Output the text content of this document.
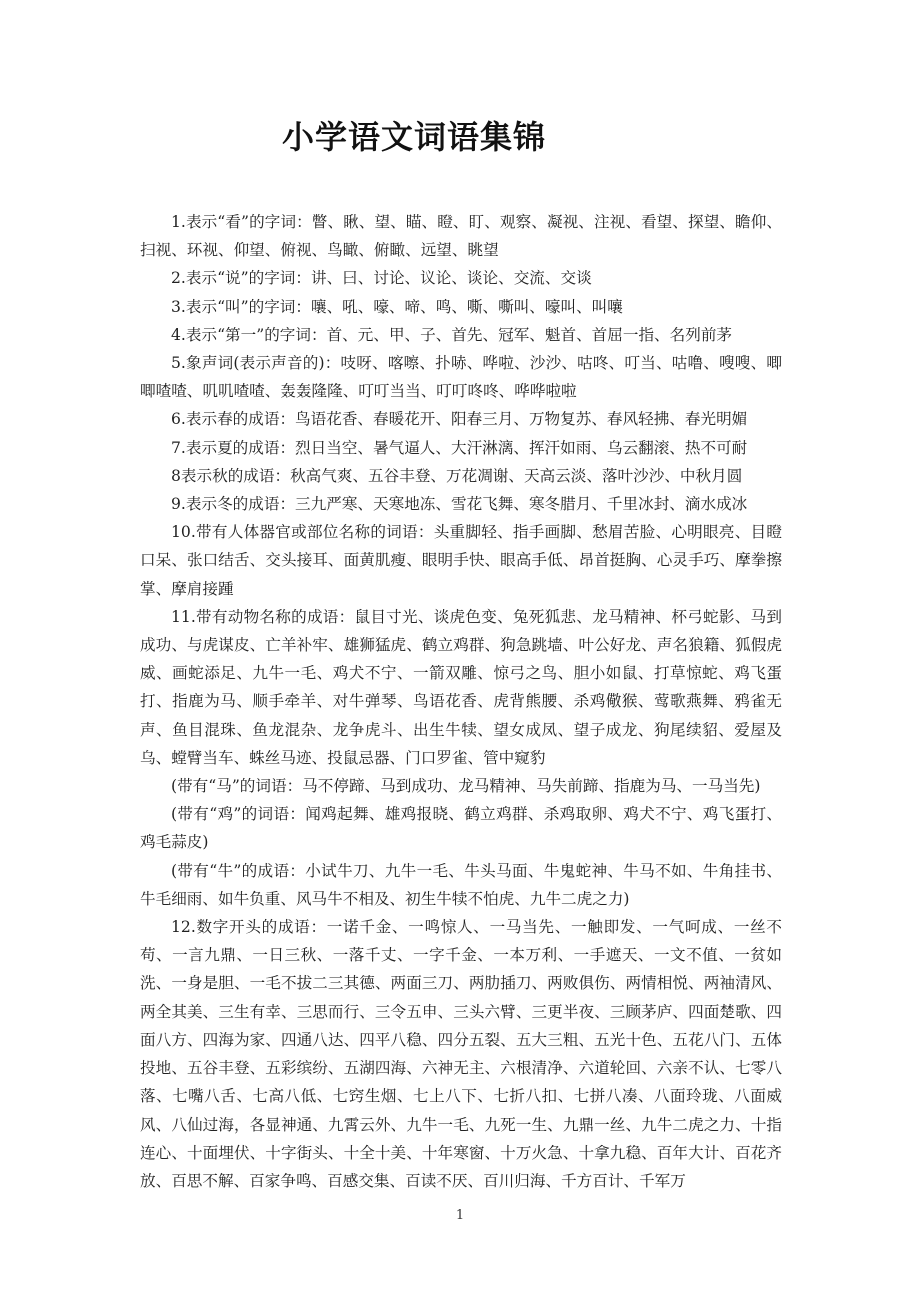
小学语文词语集锦

1.表示“看”的字词：瞥、瞅、望、瞄、瞪、盯、观察、凝视、注视、看望、探望、瞻仰、扫视、环视、仰望、俯视、鸟瞰、俯瞰、远望、眺望

2.表示“说”的字词：讲、曰、讨论、议论、谈论、交流、交谈

3.表示“叫”的字词：嚷、吼、嚎、啼、鸣、嘶、嘶叫、嚎叫、叫嚷

4.表示“第一”的字词：首、元、甲、子、首先、冠军、魁首、首屈一指、名列前茅

5.象声词(表示声音的)：吱呀、喀嚓、扑哧、哗啦、沙沙、咕咚、叮当、咕噜、嗖嗖、唧唧喳喳、叽叽喳喳、轰轰隆隆、叮叮当当、叮叮咚咚、哗哗啦啦

6.表示春的成语：鸟语花香、春暖花开、阳春三月、万物复苏、春风轻拂、春光明媚

7.表示夏的成语：烈日当空、暑气逼人、大汗淋漓、挥汗如雨、乌云翻滚、热不可耐

8表示秋的成语：秋高气爽、五谷丰登、万花凋谢、天高云淡、落叶沙沙、中秋月圆

9.表示冬的成语：三九严寒、天寒地冻、雪花飞舞、寒冬腊月、千里冰封、滴水成冰

10.带有人体器官或部位名称的词语：头重脚轻、指手画脚、愁眉苦脸、心明眼亮、目瞪口呆、张口结舌、交头接耳、面黄肌瘦、眼明手快、眼高手低、昂首挺胸、心灵手巧、摩拳擦掌、摩肩接踵

11.带有动物名称的成语：鼠目寸光、谈虎色变、兔死狐悲、龙马精神、杯弓蛇影、马到成功、与虎谋皮、亡羊补牢、雄狮猛虎、鹤立鸡群、狗急跳墙、叶公好龙、声名狼籍、狐假虎威、画蛇添足、九牛一毛、鸡犬不宁、一箭双雕、惊弓之鸟、胆小如鼠、打草惊蛇、鸡飞蛋打、指鹿为马、顺手牵羊、对牛弹琴、鸟语花香、虎背熊腰、杀鸡儆猴、莺歌燕舞、鸦雀无声、鱼目混珠、鱼龙混杂、龙争虎斗、出生牛犊、望女成凤、望子成龙、狗尾续貂、爱屋及乌、螳臂当车、蛛丝马迹、投鼠忌器、门口罗雀、管中窥豹

(带有“马”的词语：马不停蹄、马到成功、龙马精神、马失前蹄、指鹿为马、一马当先)

(带有“鸡”的词语：闻鸡起舞、雄鸡报晓、鹤立鸡群、杀鸡取卵、鸡犬不宁、鸡飞蛋打、鸡毛蒜皮)

(带有“牛”的成语：小试牛刀、九牛一毛、牛头马面、牛鬼蛇神、牛马不如、牛角挂书、牛毛细雨、如牛负重、风马牛不相及、初生牛犊不怕虎、九牛二虎之力)

12.数字开头的成语：一诺千金、一鸣惊人、一马当先、一触即发、一气呵成、一丝不苟、一言九鼎、一日三秋、一落千丈、一字千金、一本万利、一手遮天、一文不值、一贫如洗、一身是胆、一毛不拔二三其德、两面三刀、两肋插刀、两败俱伤、两情相悦、两袖清风、两全其美、三生有幸、三思而行、三令五申、三头六臂、三更半夜、三顾茅庐、四面楚歌、四面八方、四海为家、四通八达、四平八稳、四分五裂、五大三粗、五光十色、五花八门、五体投地、五谷丰登、五彩缤纷、五湖四海、六神无主、六根清净、六道轮回、六亲不认、七零八落、七嘴八舌、七高八低、七窍生烟、七上八下、七折八扣、七拼八凑、八面玲珑、八面威风、八仙过海，各显神通、九霄云外、九牛一毛、九死一生、九鼎一丝、九牛二虎之力、十指连心、十面埋伏、十字街头、十全十美、十年寒窗、十万火急、十拿九稳、百年大计、百花齐放、百思不解、百家争鸣、百感交集、百读不厌、百川归海、千方百计、千军万

1
